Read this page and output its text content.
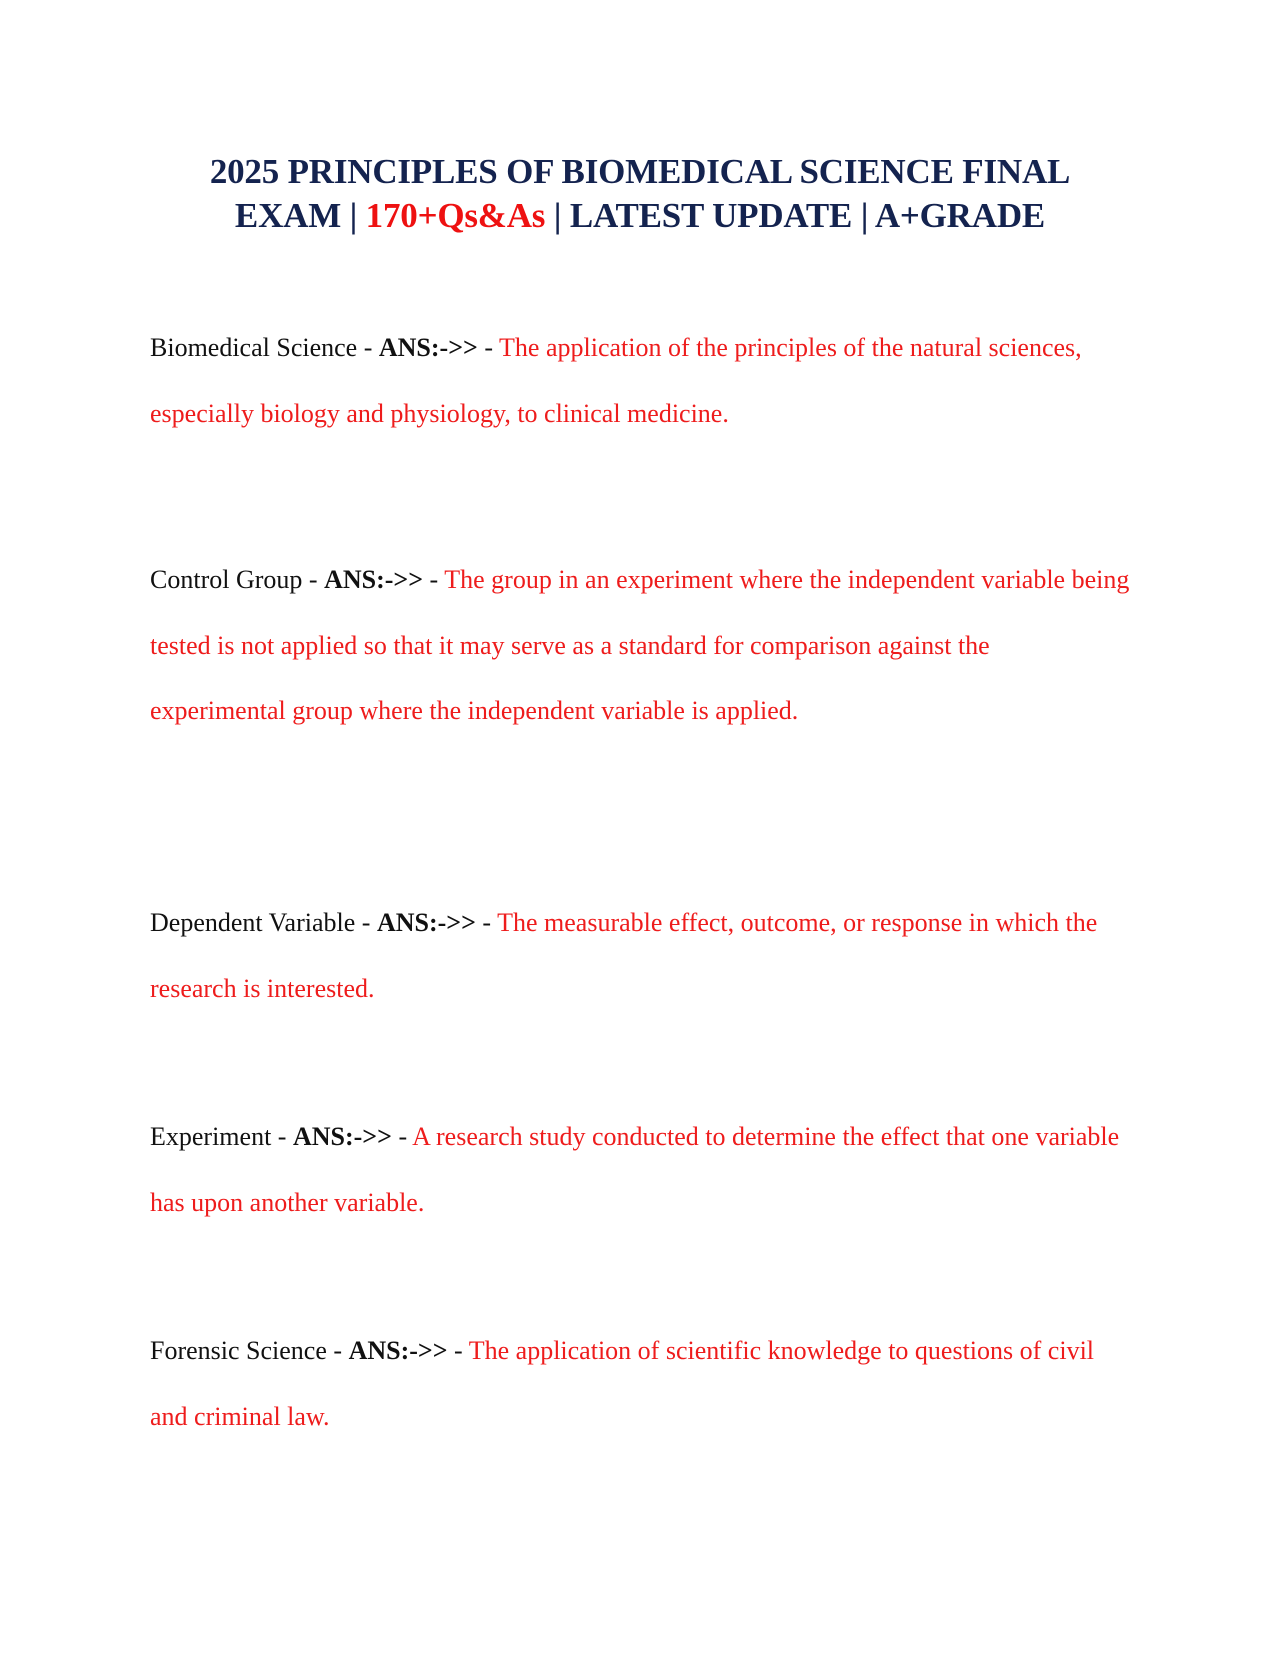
2025 PRINCIPLES OF BIOMEDICAL SCIENCE FINAL
EXAM | 170+Qs&As | LATEST UPDATE | A+GRADE
Biomedical Science - ANS:->> - The application of the principles of the natural sciences, especially biology and physiology, to clinical medicine.
Control Group - ANS:->> - The group in an experiment where the independent variable being tested is not applied so that it may serve as a standard for comparison against the experimental group where the independent variable is applied.
Dependent Variable - ANS:->> - The measurable effect, outcome, or response in which the research is interested.
Experiment - ANS:->> - A research study conducted to determine the effect that one variable has upon another variable.
Forensic Science - ANS:->> - The application of scientific knowledge to questions of civil and criminal law.
